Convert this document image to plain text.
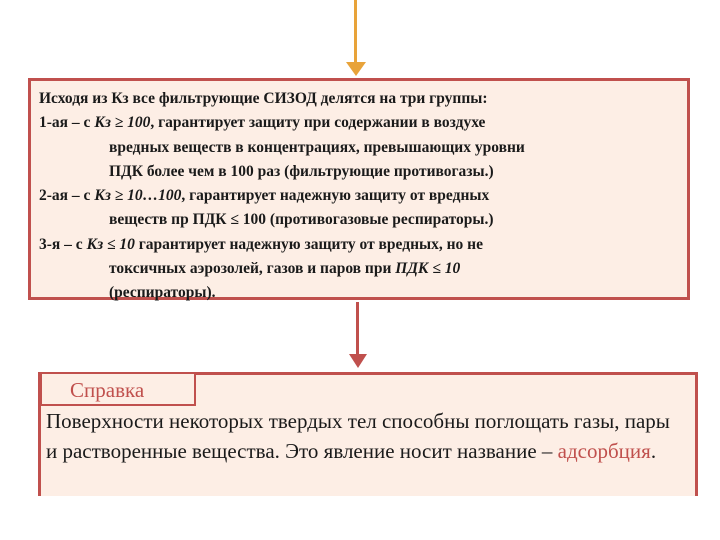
Исходя из Кз все фильтрующие СИЗОД делятся на три группы:
1-ая – с Кз ≥ 100, гарантирует защиту при содержании в воздухе
вредных веществ в концентрациях, превышающих уровни
ПДК более чем в 100 раз (фильтрующие противогазы.)
2-ая – с Кз ≥ 10…100, гарантирует надежную защиту от вредных
веществ пр ПДК ≤ 100 (противогазовые респираторы.)
3-я – с Кз ≤ 10 гарантирует надежную защиту от вредных, но не
токсичных аэрозолей, газов и паров при ПДК ≤ 10
(респираторы).
Справка
Поверхности некоторых твердых тел способны поглощать газы, пары и растворенные вещества. Это явление носит название – адсорбция.
